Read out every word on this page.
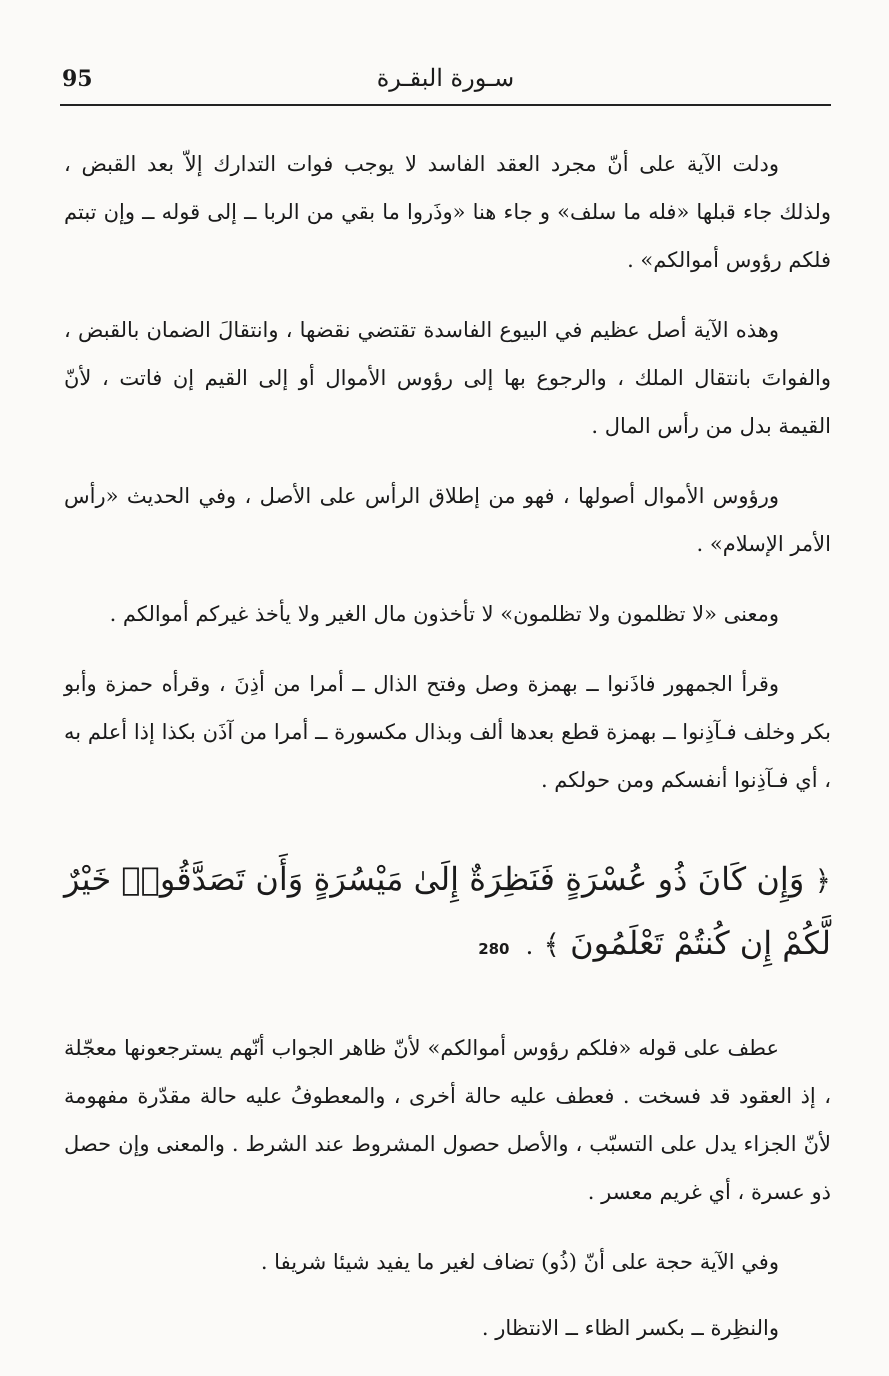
95	سـورة البقـرة

ودلت الآية على أنّ مجرد العقد الفاسد لا يوجب فوات التدارك إلاّ بعد القبض ، ولذلك جاء قبلها «فله ما سلف» و جاء هنا «وذَروا ما بقي من الربا ــ إلى قوله ــ وإن تبتم فلكم رؤوس أموالكم» .

وهذه الآية أصل عظيم في البيوع الفاسدة تقتضي نقضها ، وانتقالَ الضمان بالقبض ، والفواتَ بانتقال الملك ، والرجوع بها إلى رؤوس الأموال أو إلى القيم إن فاتت ، لأنّ القيمة بدل من رأس المال .

ورؤوس الأموال أصولها ، فهو من إطلاق الرأس على الأصل ، وفي الحديث «رأس الأمر الإسلام» .

ومعنى «لا تظلمون ولا تظلمون» لا تأخذون مال الغير ولا يأخذ غيركم أموالكم .

وقرأ الجمهور فاذَنوا ــ بهمزة وصل وفتح الذال ــ أمرا من أذِنَ ، وقرأه حمزة وأبو بكر وخلف فـآذِنوا ــ بهمزة قطع بعدها ألف وبذال مكسورة ــ أمرا من آذَن بكذا إذا أعلم به ، أي فـآذِنوا أنفسكم ومن حولكم .

﴿ وَإِن كَانَ ذُو عُسْرَةٍ فَنَظِرَةٌ إِلَىٰ مَيْسُرَةٍ وَأَن تَصَدَّقُوا۟ خَيْرٌ لَّكُمْ إِن كُنتُمْ تَعْلَمُونَ ﴾ . 280

عطف على قوله «فلكم رؤوس أموالكم» لأنّ ظاهر الجواب أنّهم يسترجعونها معجّلة ، إذ العقود قد فسخت . فعطف عليه حالة أخرى ، والمعطوفُ عليه حالة مقدّرة مفهومة لأنّ الجزاء يدل على التسبّب ، والأصل حصول المشروط عند الشرط . والمعنى وإن حصل ذو عسرة ، أي غريم معسر .

وفي الآية حجة على أنّ (ذُو) تضاف لغير ما يفيد شيئا شريفا .

والنظِرة ــ بكسر الظاء ــ الانتظار .
